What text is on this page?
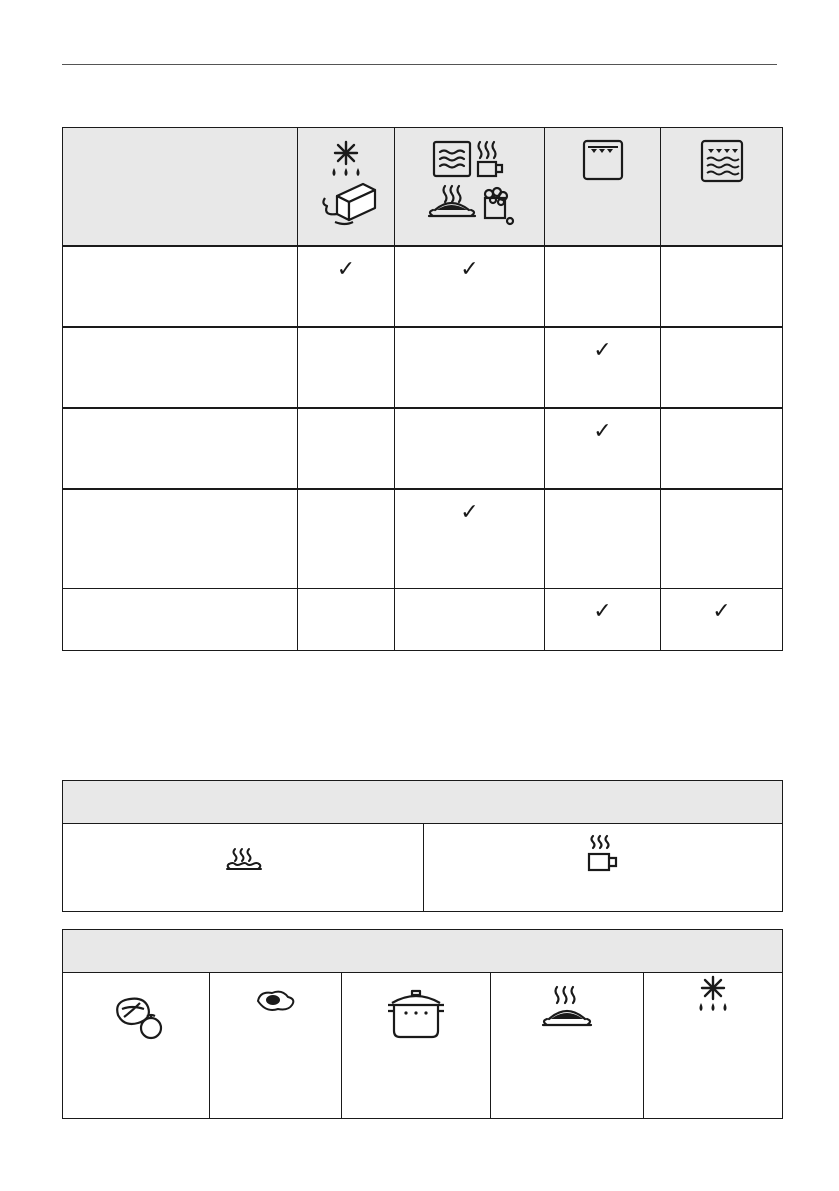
	✓	✓		
			✓	
			✓	
		✓		
			✓	✓
